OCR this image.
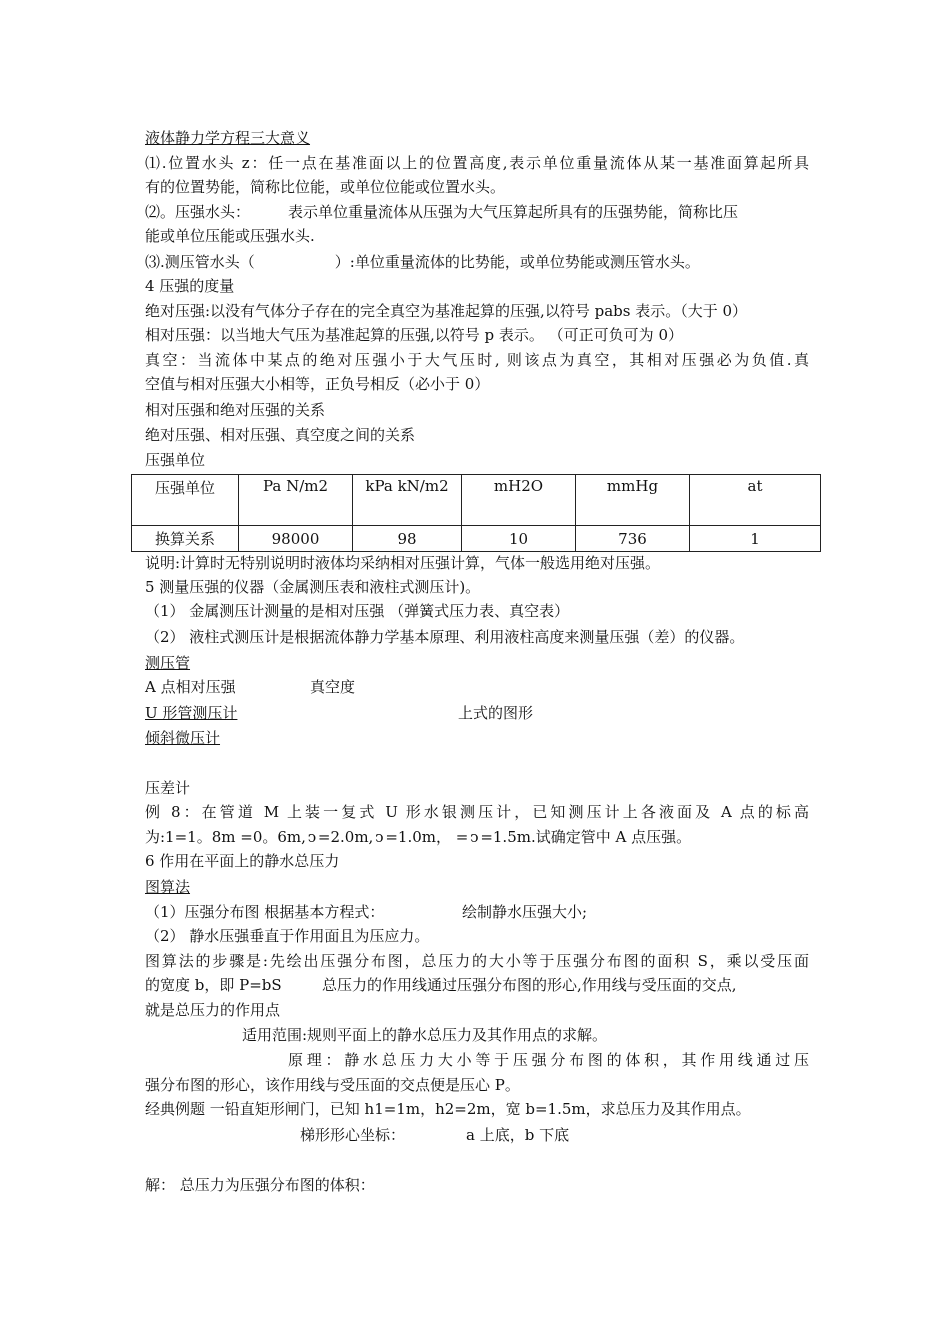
液体静力学方程三大意义
⑴.位置水头 z：任一点在基准面以上的位置高度,表示单位重量流体从某一基准面算起所具
有的位置势能，简称比位能，或单位位能或位置水头。
⑵。压强水头：	表示单位重量流体从压强为大气压算起所具有的压强势能，简称比压
能或单位压能或压强水头.
⑶.测压管水头（	）:单位重量流体的比势能，或单位势能或测压管水头。
4 压强的度量
绝对压强:以没有气体分子存在的完全真空为基准起算的压强,以符号 pabs 表示。（大于 0）
相对压强：以当地大气压为基准起算的压强,以符号 p 表示。 （可正可负可为 0）
真空：当流体中某点的绝对压强小于大气压时, 则该点为真空，其相对压强必为负值.真
空值与相对压强大小相等，正负号相反（必小于 0）
相对压强和绝对压强的关系
绝对压强、相对压强、真空度之间的关系
压强单位
压强单位	Pa N/m2	kPa kN/m2	mH2O	mmHg	at
换算关系	98000	98	10	736	1
说明:计算时无特别说明时液体均采纳相对压强计算，气体一般选用绝对压强。
5 测量压强的仪器（金属测压表和液柱式测压计)。
（1） 金属测压计测量的是相对压强 （弹簧式压力表、真空表）
（2） 液柱式测压计是根据流体静力学基本原理、利用液柱高度来测量压强（差）的仪器。
测压管
A 点相对压强	真空度
U 形管测压计	上式的图形
倾斜微压计
压差计
例 8：在管道 M 上装一复式 U 形水银测压计，已知测压计上各液面及 A 点的标高
为:1=1。8m =0。6m, ↄ =2.0m, ↄ =1.0m， = ↄ =1.5m.试确定管中 A 点压强。
6 作用在平面上的静水总压力
图算法
（1）压强分布图 根据基本方程式：	绘制静水压强大小;
（2） 静水压强垂直于作用面且为压应力。
图算法的步骤是:先绘出压强分布图，总压力的大小等于压强分布图的面积 S，乘以受压面
的宽度 b，即 P=bS	总压力的作用线通过压强分布图的形心,作用线与受压面的交点,
就是总压力的作用点
适用范围:规则平面上的静水总压力及其作用点的求解。
原理：静水总压力大小等于压强分布图的体积，其作用线通过压
强分布图的形心，该作用线与受压面的交点便是压心 P。
经典例题 一铅直矩形闸门，已知 h1=1m，h2=2m，宽 b=1.5m，求总压力及其作用点。
梯形形心坐标：	a 上底，b 下底
解： 总压力为压强分布图的体积：
